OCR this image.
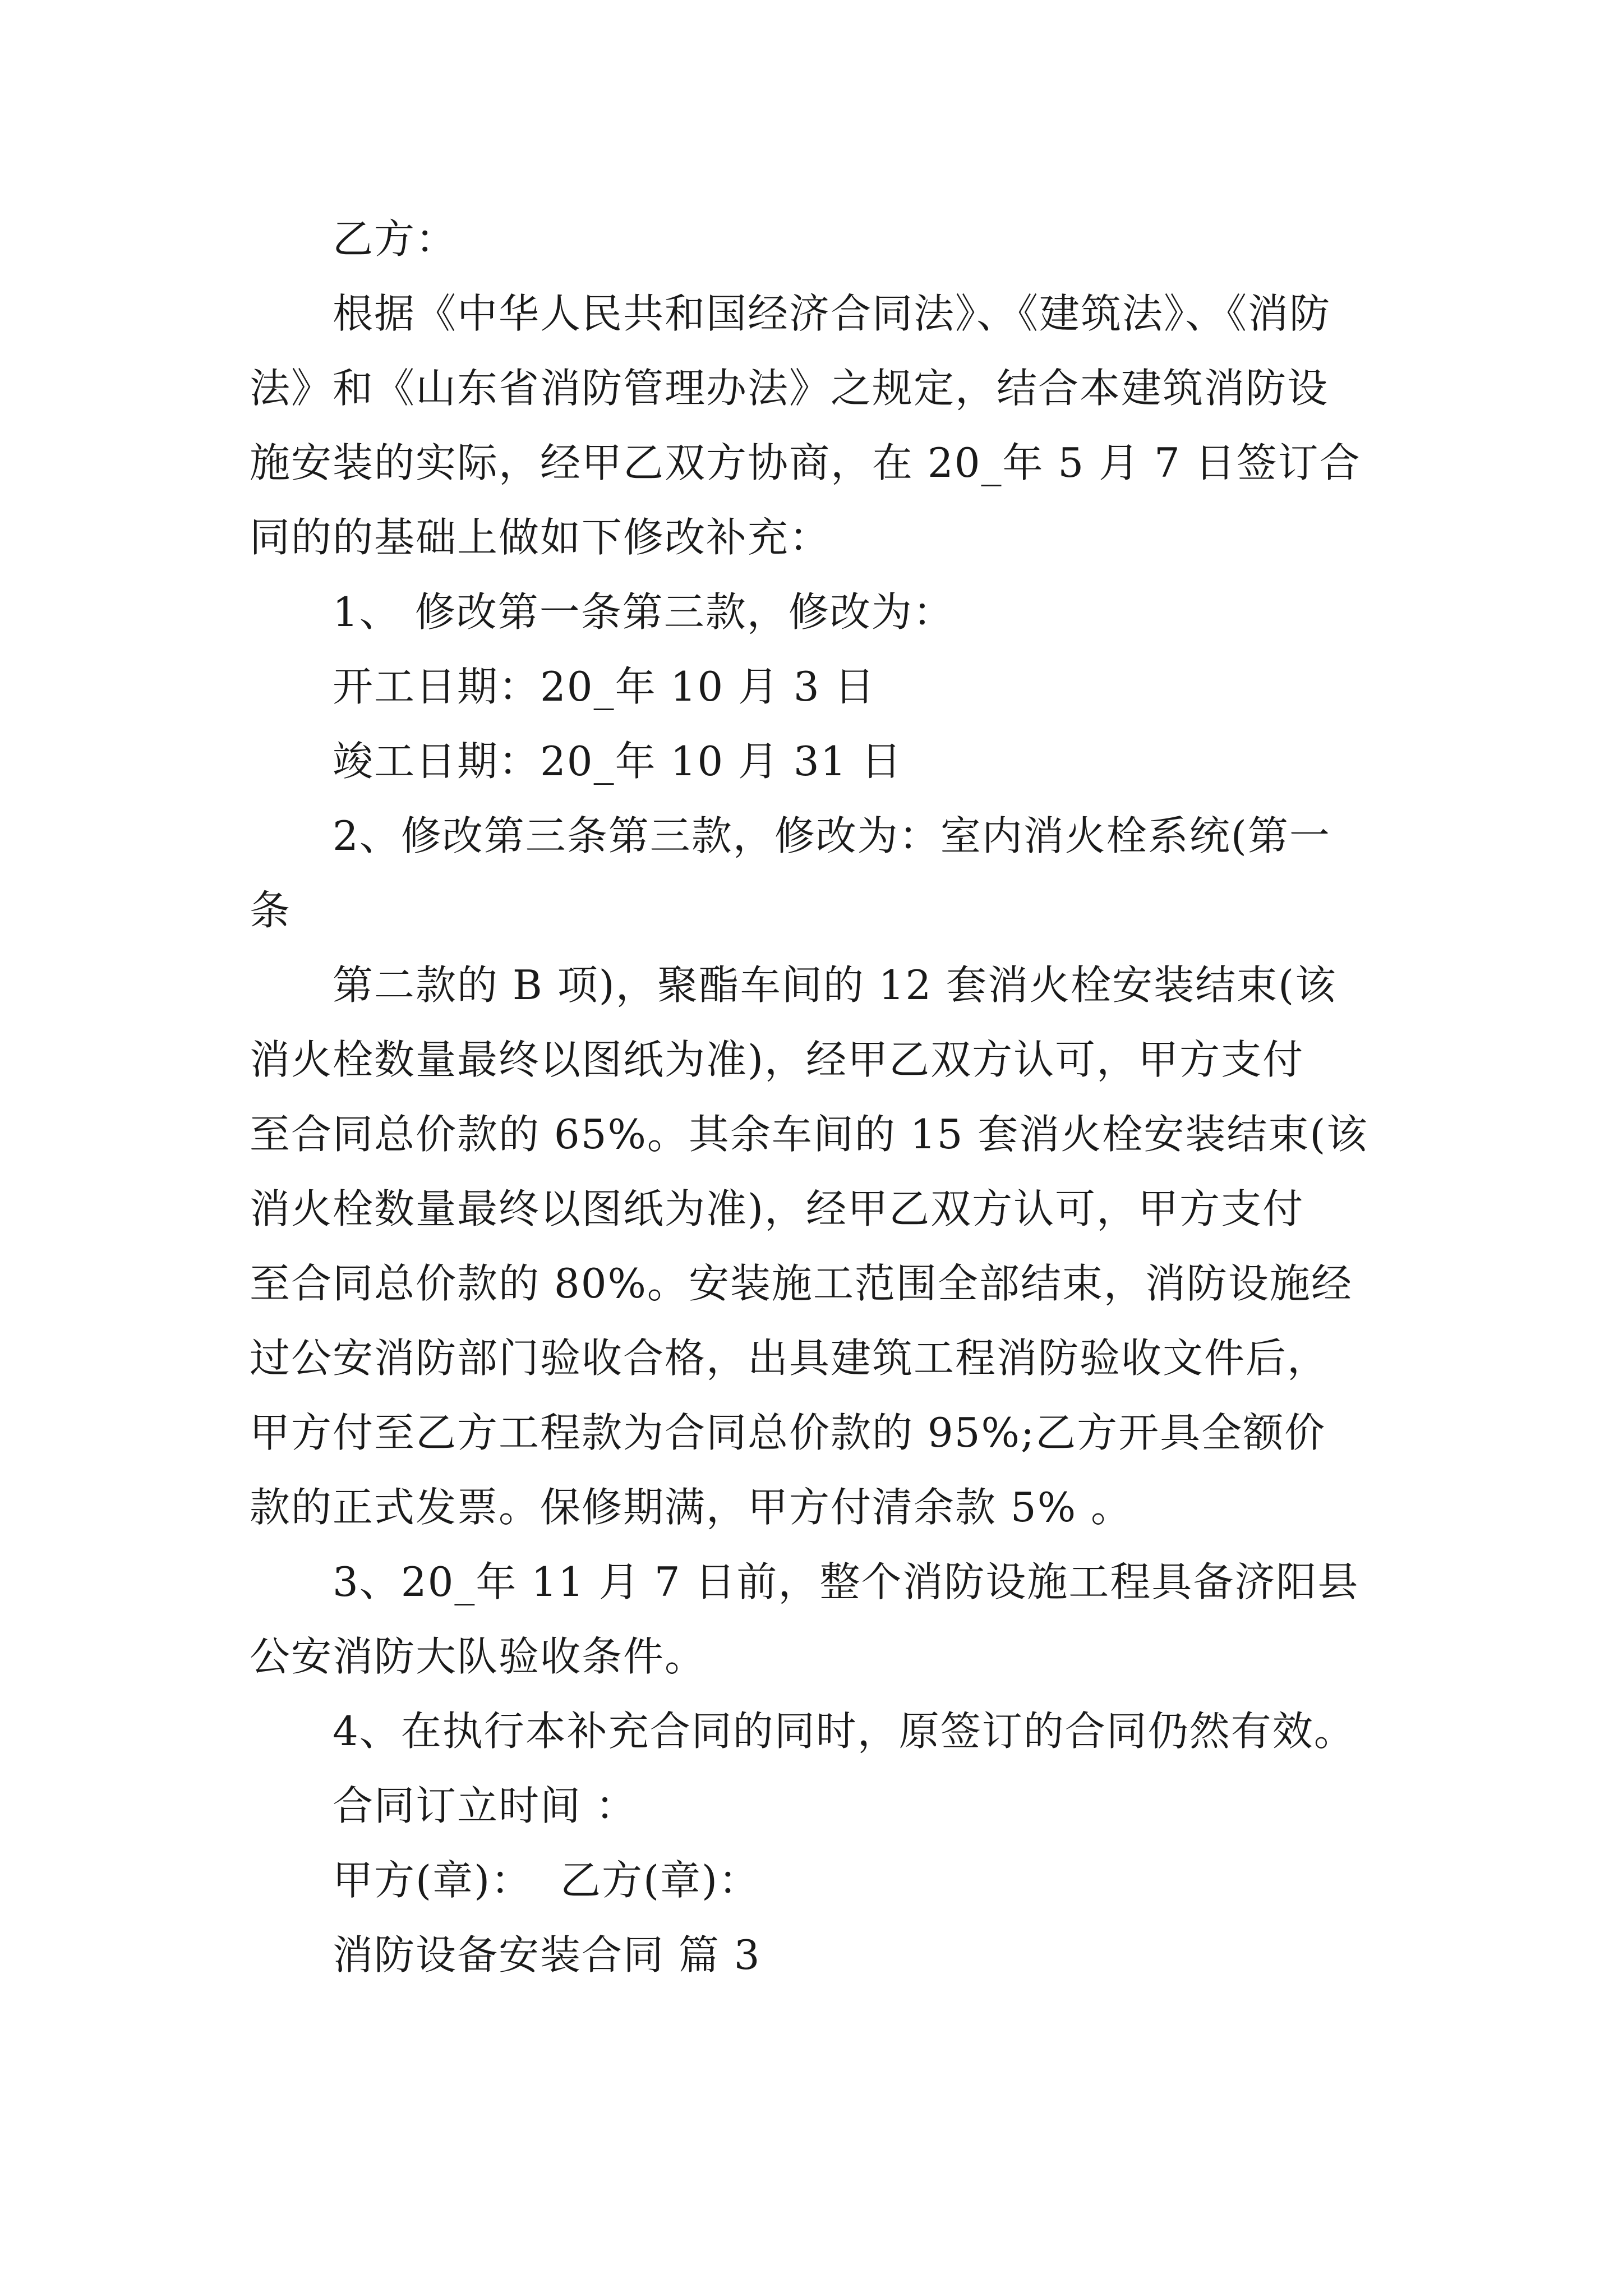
乙方：

根据《中华人民共和国经济合同法》、《建筑法》、《消防

法》和《山东省消防管理办法》之规定，结合本建筑消防设

施安装的实际，经甲乙双方协商，在 20_年 5 月 7 日签订合

同的的基础上做如下修改补充：

1、 修改第一条第三款，修改为：

开工日期：20_年 10 月 3 日

竣工日期：20_年 10 月 31 日

2、修改第三条第三款，修改为：室内消火栓系统(第一

条

第二款的 B 项)，聚酯车间的 12 套消火栓安装结束(该

消火栓数量最终以图纸为准)，经甲乙双方认可，甲方支付

至合同总价款的 65%。其余车间的 15 套消火栓安装结束(该

消火栓数量最终以图纸为准)，经甲乙双方认可，甲方支付

至合同总价款的 80%。安装施工范围全部结束，消防设施经

过公安消防部门验收合格，出具建筑工程消防验收文件后，

甲方付至乙方工程款为合同总价款的 95%;乙方开具全额价

款的正式发票。保修期满，甲方付清余款 5% 。

3、20_年 11 月 7 日前，整个消防设施工程具备济阳县

公安消防大队验收条件。

4、在执行本补充合同的同时，原签订的合同仍然有效。

合同订立时间 ：

甲方(章)：  乙方(章)：

消防设备安装合同 篇 3
